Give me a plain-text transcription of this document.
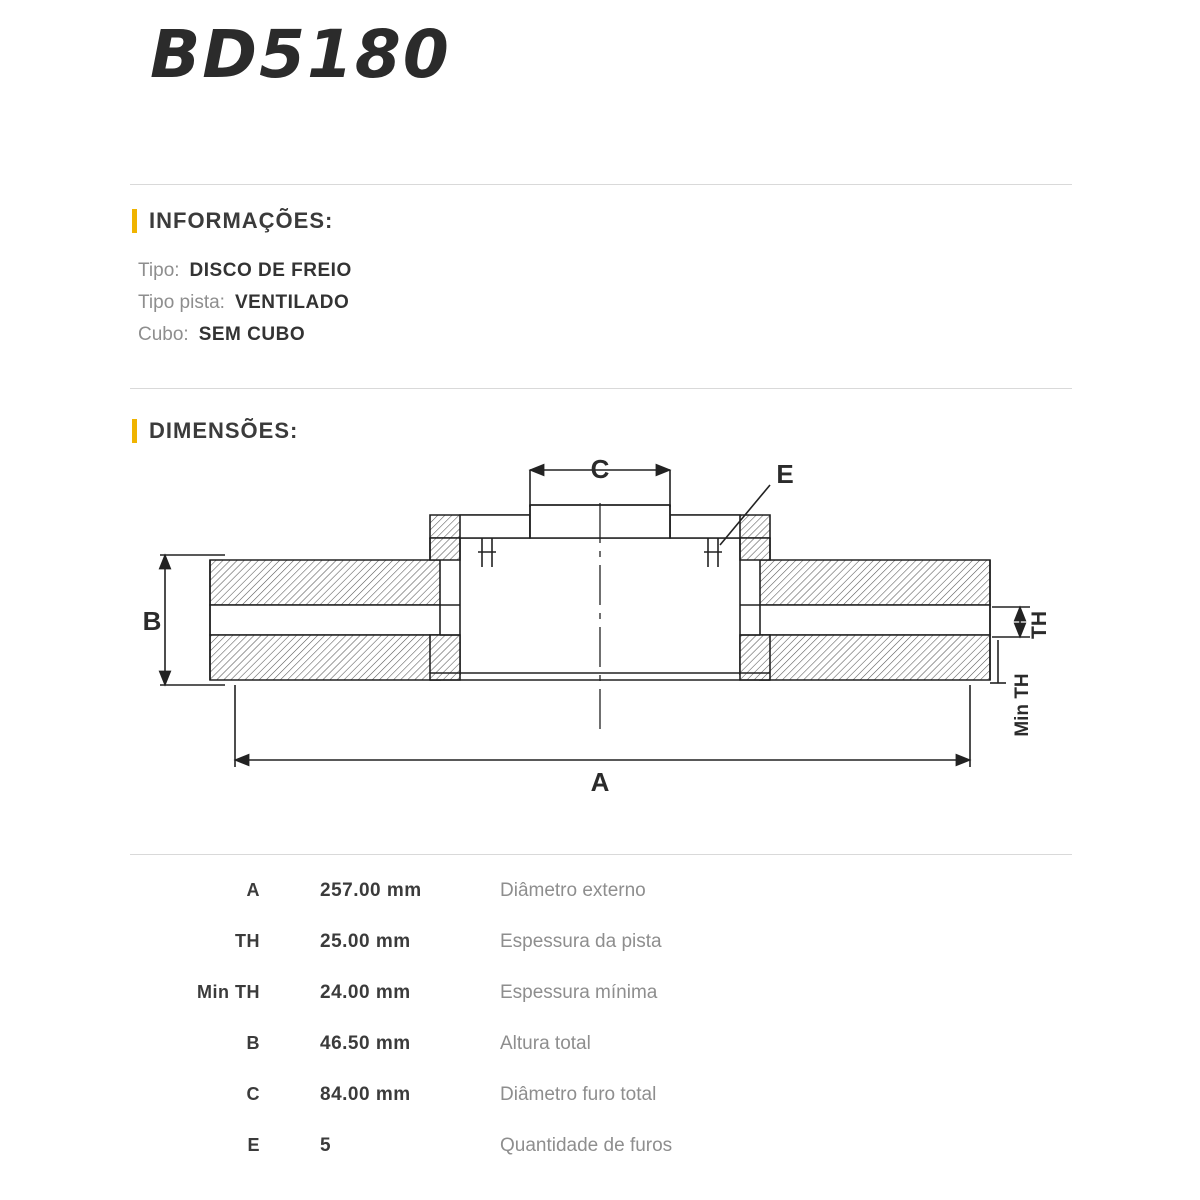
BD5180
INFORMAÇÕES:
Tipo: DISCO DE FREIO
Tipo pista: VENTILADO
Cubo: SEM CUBO
DIMENSÕES:
C	E
B
A
TH
Min TH
A	257.00 mm	Diâmetro externo
TH	25.00 mm	Espessura da pista
Min TH	24.00 mm	Espessura mínima
B	46.50 mm	Altura total
C	84.00 mm	Diâmetro furo total
E	5	Quantidade de furos
